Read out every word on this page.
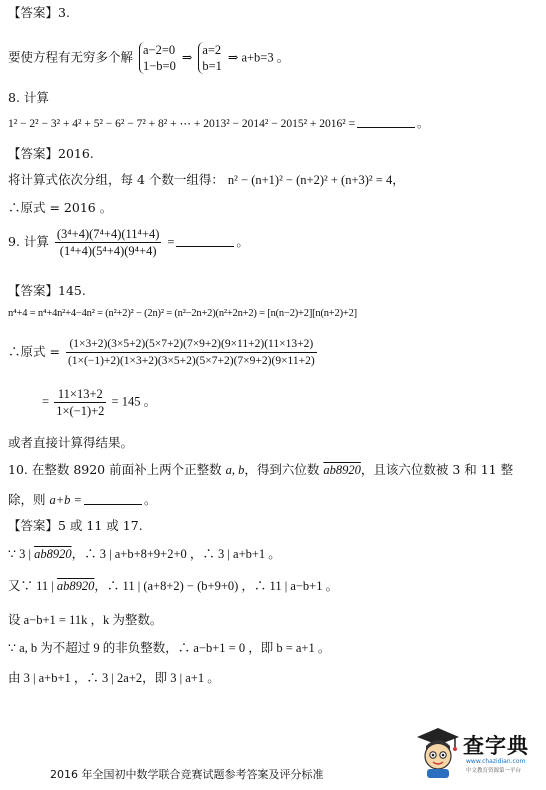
【答案】3.
要使方程有无穷多个解 a−2=0
1−b=0
⇒
a=2
b=1
⇒ a+b=3 。
8. 计算
1² − 2² − 3² + 4² + 5² − 6² − 7² + 8² + ⋯ + 2013² − 2014² − 2015² + 2016² =	。
【答案】2016.
将计算式依次分组，每 4 个数一组得： n² − (n+1)² − (n+2)² + (n+3)² = 4，
∴原式 = 2016 。
9. 计算 $\frac{\text{(3⁴+4)(7⁴+4)(11⁴+4)}}{\text{(1⁴+4)(5⁴+4)(9⁴+4)}}$ =	。
【答案】145.
n⁴+4 = n⁴+4n²+4−4n² = (n²+2)² − (2n)² = (n²−2n+2)(n²+2n+2) = [n(n−2)+2][n(n+2)+2]
∴原式 = $\frac{(1\times 3+2)(3\times 5+2)(5\times 7+2)(7\times 9+2)(9\times 11+2)(11\times 13+2)}{(1\times(-1)+2)(1\times 3+2)(3\times 5+2)(5\times 7+2)(7\times 9+2)(9\times 11+2)}$
= $\frac{11\times 13+2}{1\times(-1)+2} = 145$ 。
或者直接计算得结果。
10. 在整数 8920 前面补上两个正整数 a, b，得到六位数 ab8920，且该六位数被 3 和 11 整
除，则 a+b =	。
【答案】5 或 11 或 17.
∵ 3 | ab8920，∴ 3 | a+b+8+9+2+0 ，∴ 3 | a+b+1 。
又∵ 11 | ab8920，∴ 11 | (a+8+2) − (b+9+0) ，∴ 11 | a−b+1 。
设 a−b+1 = 11k ，k 为整数。
∵ a, b 为不超过 9 的非负整数，∴ a−b+1 = 0 ，即 b = a+1 。
由 3 | a+b+1 ，∴ 3 | 2a+2，即 3 | a+1 。
查字典
www.chazidian.com
中文教育资源第一平台
2016 年全国初中数学联合竞赛试题参考答案及评分标准
